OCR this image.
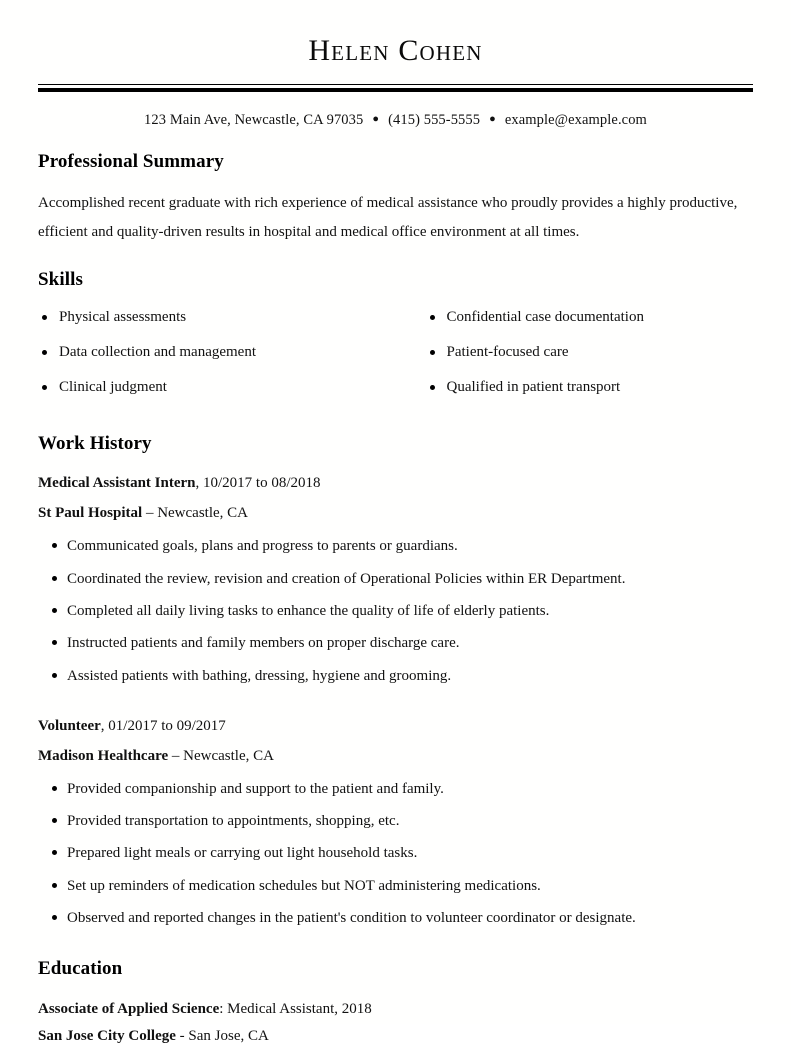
Helen Cohen
123 Main Ave, Newcastle, CA 97035 ● (415) 555-5555 ● example@example.com
Professional Summary

Accomplished recent graduate with rich experience of medical assistance who proudly provides a highly productive, efficient and quality-driven results in hospital and medical office environment at all times.

Skills
Physical assessments
Data collection and management
Clinical judgment
Confidential case documentation
Patient-focused care
Qualified in patient transport
Work History
Medical Assistant Intern, 10/2017 to 08/2018
St Paul Hospital – Newcastle, CA
Communicated goals, plans and progress to parents or guardians.
Coordinated the review, revision and creation of Operational Policies within ER Department.
Completed all daily living tasks to enhance the quality of life of elderly patients.
Instructed patients and family members on proper discharge care.
Assisted patients with bathing, dressing, hygiene and grooming.
Volunteer, 01/2017 to 09/2017
Madison Healthcare – Newcastle, CA
Provided companionship and support to the patient and family.
Provided transportation to appointments, shopping, etc.
Prepared light meals or carrying out light household tasks.
Set up reminders of medication schedules but NOT administering medications.
Observed and reported changes in the patient's condition to volunteer coordinator or designate.
Education
Associate of Applied Science: Medical Assistant, 2018
San Jose City College - San Jose, CA
